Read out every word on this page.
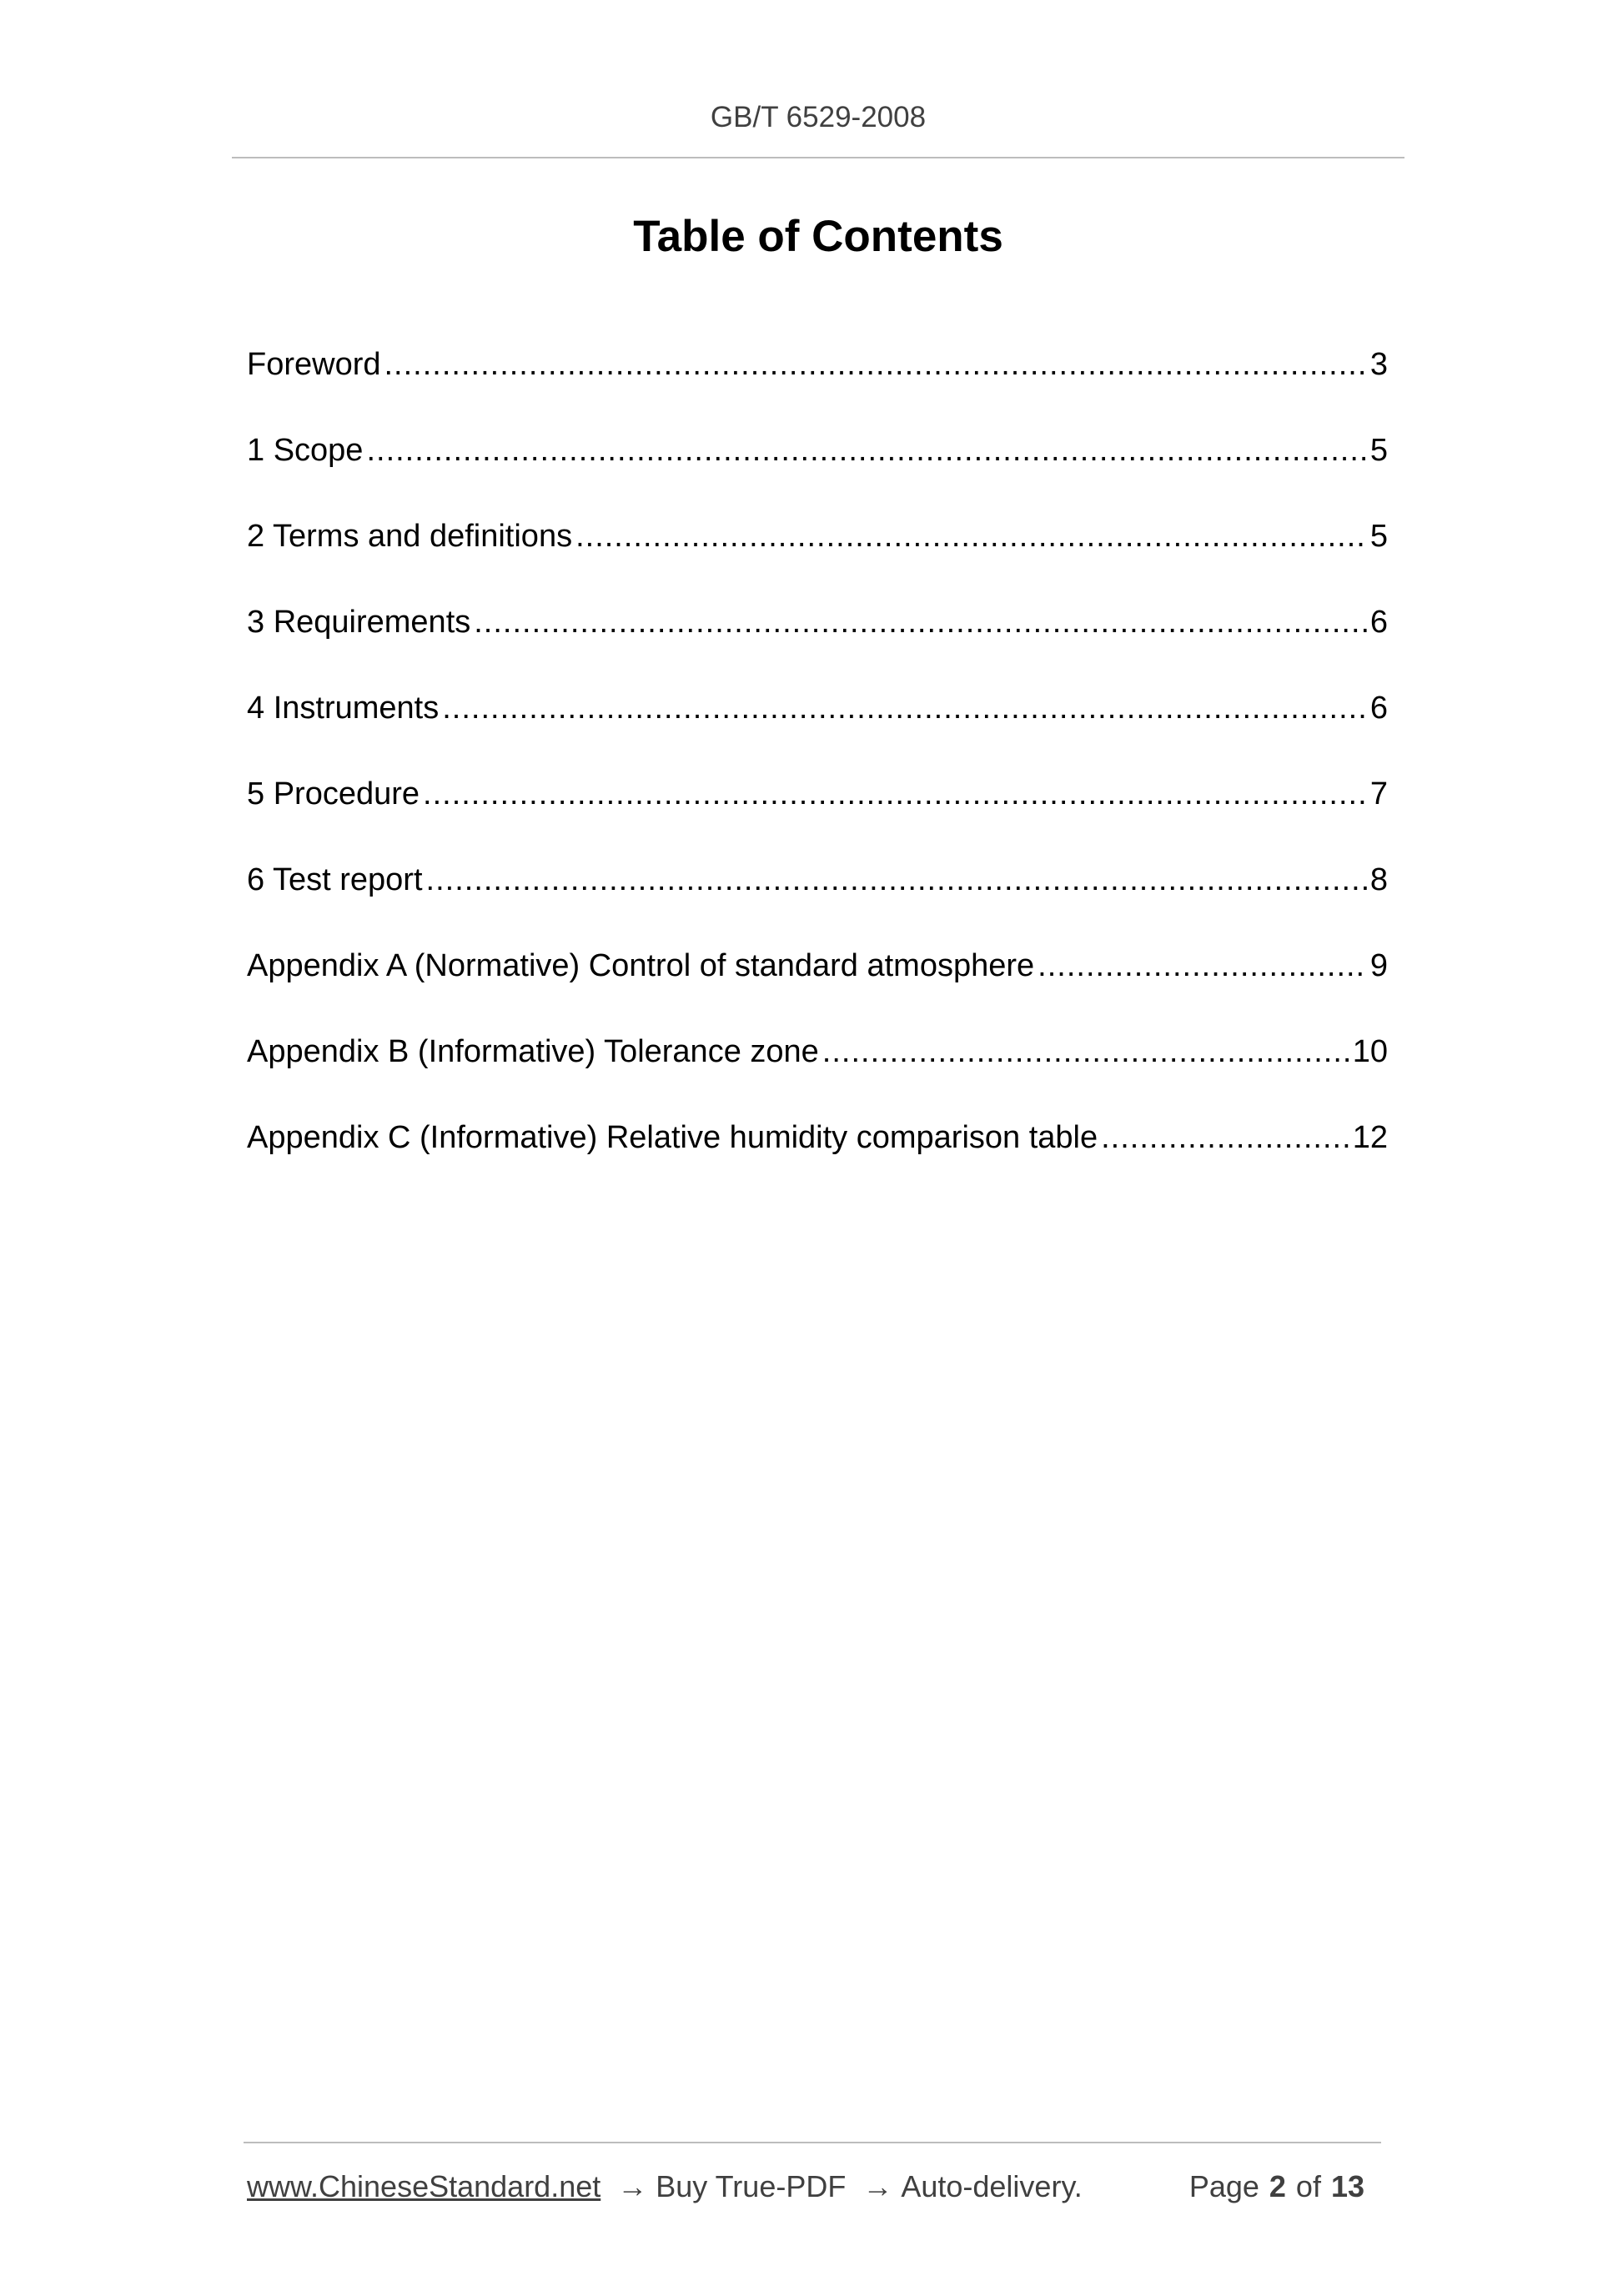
GB/T 6529-2008
Table of Contents
Foreword .....	3
1 Scope .....	5
2 Terms and definitions .....	5
3 Requirements .....	6
4 Instruments .....	6
5 Procedure .....	7
6 Test report .....	8
Appendix A (Normative) Control of standard atmosphere .....	9
Appendix B (Informative) Tolerance zone .....	10
Appendix C (Informative) Relative humidity comparison table .....	12
www.ChineseStandard.net → Buy True-PDF → Auto-delivery.	Page 2 of 13
